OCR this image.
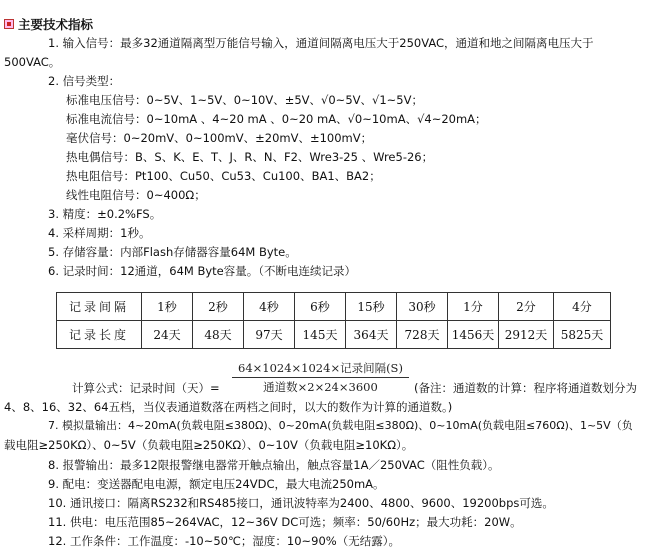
主要技术指标
1. 输入信号：最多32通道隔离型万能信号输入，通道间隔离电压大于250VAC，通道和地之间隔离电压大于
500VAC。
2. 信号类型：
标准电压信号：0~5V、1~5V、0~10V、±5V、√0~5V、√1~5V；
标准电流信号：0~10mA 、4~20 mA 、0~20 mA、√0~10mA、√4~20mA；
毫伏信号：0~20mV、0~100mV、±20mV、±100mV；
热电偶信号：B、S、K、E、T、J、R、N、F2、Wre3-25 、Wre5-26；
热电阻信号：Pt100、Cu50、Cu53、Cu100、BA1、BA2；
线性电阻信号：0~400Ω；
3. 精度：±0.2%FS。
4. 采样周期：1秒。
5. 存储容量：内部Flash存储器容量64M Byte。
6. 记录时间：12通道，64M Byte容量。（不断电连续记录）
记录间隔	1秒	2秒	4秒	6秒	15秒	30秒	1分	2分	4分
记录长度	24天	48天	97天	145天	364天	728天	1456天	2912天	5825天
64×1024×1024×记录间隔(S)
通道数×2×24×3600
计算公式：记录时间（天）=	(备注：通道数的计算：程序将通道数划分为
4、8、16、32、64五档，当仪表通道数落在两档之间时，以大的数作为计算的通道数。)
7. 模拟量输出：4~20mA(负载电阻≤380Ω)、0~20mA(负载电阻≤380Ω)、0~10mA(负载电阻≤760Ω)、1~5V（负
载电阻≥250KΩ）、0~5V（负载电阻≥250KΩ）、0~10V（负载电阻≥10KΩ）。
8. 报警输出：最多12限报警继电器常开触点输出，触点容量1A／250VAC（阻性负载）。
9. 配电：变送器配电电源，额定电压24VDC，最大电流250mA。
10. 通讯接口：隔离RS232和RS485接口，通讯波特率为2400、4800、9600、19200bps可选。
11. 供电：电压范围85~264VAC，12~36V DC可选；频率：50/60Hz；最大功耗：20W。
12. 工作条件：工作温度：-10~50℃；湿度：10~90%（无结露）。
